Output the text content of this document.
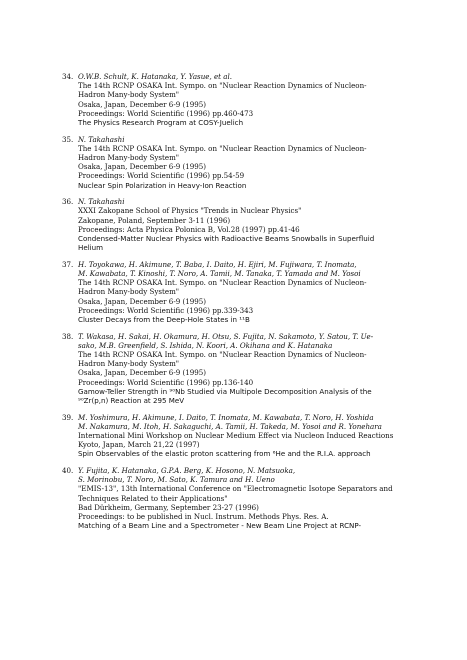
34. O.W.B. Schult, K. Hatanaka, Y. Yasue, et al.
The 14th RCNP OSAKA Int. Sympo. on "Nuclear Reaction Dynamics of Nucleon-
Hadron Many-body System"
Osaka, Japan, December 6-9 (1995)
Proceedings: World Scientific (1996) pp.460-473
The Physics Research Program at COSY-Juelich
35. N. Takahashi
The 14th RCNP OSAKA Int. Sympo. on "Nuclear Reaction Dynamics of Nucleon-
Hadron Many-body System"
Osaka, Japan, December 6-9 (1995)
Proceedings: World Scientific (1996) pp.54-59
Nuclear Spin Polarization in Heavy-Ion Reaction
36. N. Takahashi
XXXI Zakopane School of Physics "Trends in Nuclear Physics"
Zakopane, Poland, September 3-11 (1996)
Proceedings: Acta Physica Polonica B, Vol.28 (1997) pp.41-46
Condensed-Matter Nuclear Physics with Radioactive Beams Snowballs in Superfluid
Helium
37. H. Toyokawa, H. Akimune, T. Baba, I. Daito, H. Ejiri, M. Fujiwara, T. Inomata,
M. Kawabata, T. Kinoshi, T. Noro, A. Tamii, M. Tanaka, T. Yamada and M. Yosoi
The 14th RCNP OSAKA Int. Sympo. on "Nuclear Reaction Dynamics of Nucleon-
Hadron Many-body System"
Osaka, Japan, December 6-9 (1995)
Proceedings: World Scientific (1996) pp.339-343
Cluster Decays from the Deep-Hole States in ¹¹B
38. T. Wakasa, H. Sakai, H. Okamura, H. Otsu, S. Fujita, N. Sakamoto, Y. Satou, T. Ue-
sako, M.B. Greenfield, S. Ishida, N. Koori, A. Okihana and K. Hatanaka
The 14th RCNP OSAKA Int. Sympo. on "Nuclear Reaction Dynamics of Nucleon-
Hadron Many-body System"
Osaka, Japan, December 6-9 (1995)
Proceedings: World Scientific (1996) pp.136-140
Gamow-Teller Strength in ⁹⁰Nb Studied via Multipole Decomposition Analysis of the
⁹⁰Zr(p,n) Reaction at 295 MeV
39. M. Yoshimura, H. Akimune, I. Daito, T. Inomata, M. Kawabata, T. Noro, H. Yoshida
M. Nakamura, M. Itoh, H. Sakaguchi, A. Tamii, H. Takeda, M. Yosoi and R. Yonehara
International Mini Workshop on Nuclear Medium Effect via Nucleon Induced Reactions
Kyoto, Japan, March 21,22 (1997)
Spin Observables of the elastic proton scattering from ⁶He and the R.I.A. approach
40. Y. Fujita, K. Hatanaka, G.P.A. Berg, K. Hosono, N. Matsuoka,
S. Morinobu, T. Noro, M. Sato, K. Tamura and H. Ueno
"EMIS-13", 13th International Conference on "Electromagnetic Isotope Separators and
Techniques Related to their Applications"
Bad Dürkheim, Germany, September 23-27 (1996)
Proceedings: to be published in Nucl. Instrum. Methods Phys. Res. A.
Matching of a Beam Line and a Spectrometer - New Beam Line Project at RCNP-
